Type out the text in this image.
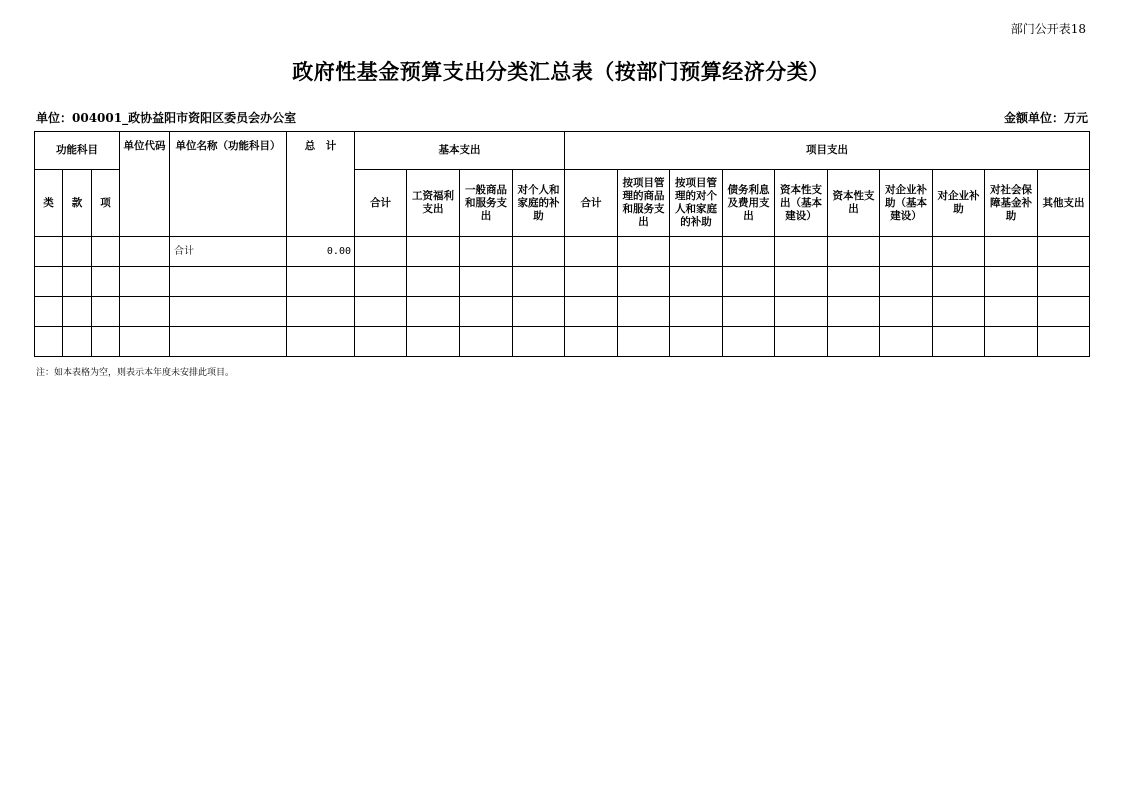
部门公开表18
政府性基金预算支出分类汇总表（按部门预算经济分类）
单位：004001_政协益阳市资阳区委员会办公室	金额单位：万元
功能科目			单位代码	单位名称（功能科目）	总　计	基本支出				项目支出									
类	款	项				合计	工资福利支出	一般商品和服务支出	对个人和家庭的补助	合计	按项目管理的商品和服务支出	按项目管理的对个人和家庭的补助	债务利息及费用支出	资本性支出（基本建设）	资本性支出	对企业补助（基本建设）	对企业补助	对社会保障基金补助	其他支出
				合计	0.00														

注：如本表格为空，则表示本年度未安排此项目。
